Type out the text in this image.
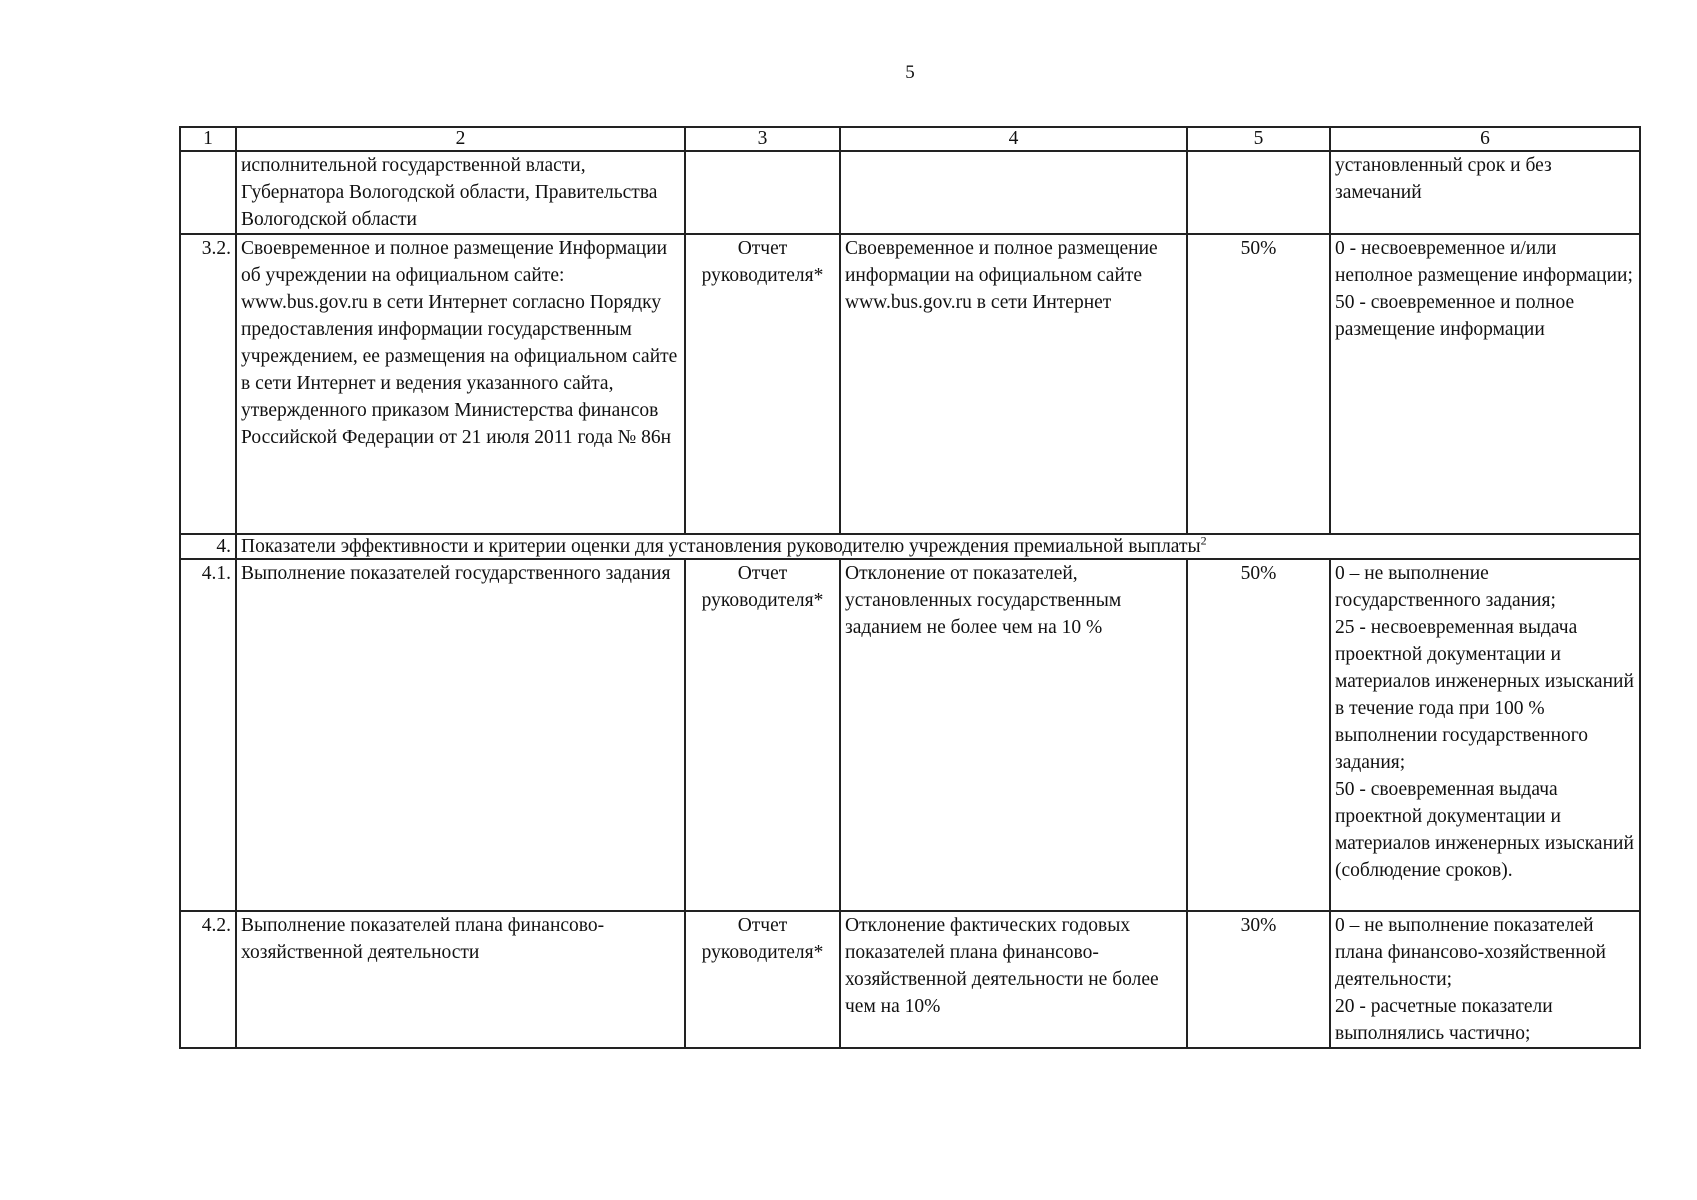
5
1	2	3	4	5	6
	исполнительной государственной власти, Губернатора Вологодской области, Правительства Вологодской области				установленный срок и без замечаний
3.2.	Своевременное и полное размещение Информации об учреждении на официальном сайте: www.bus.gov.ru в сети Интернет согласно Порядку предоставления информации государственным учреждением, ее размещения на официальном сайте в сети Интернет и ведения указанного сайта, утвержденного приказом Министерства финансов Российской Федерации от 21 июля 2011 года № 86н	Отчет руководителя*	Своевременное и полное размещение информации на официальном сайте www.bus.gov.ru в сети Интернет	50%	0 - несвоевременное и/или неполное размещение информации;
50 - своевременное и полное размещение информации
4.	Показатели эффективности и критерии оценки для установления руководителю учреждения премиальной выплаты$^2$
4.1.	Выполнение показателей государственного задания	Отчет руководителя*	Отклонение от показателей, установленных государственным заданием не более чем на 10 %	50%	0 – не выполнение государственного задания;
25 - несвоевременная выдача проектной документации и материалов инженерных изысканий в течение года при 100 % выполнении государственного задания;
50 - своевременная выдача проектной документации и материалов инженерных изысканий (соблюдение сроков).
4.2.	Выполнение показателей плана финансово-хозяйственной деятельности	Отчет руководителя*	Отклонение фактических годовых показателей плана финансово-хозяйственной деятельности не более чем на 10%	30%	0 – не выполнение показателей плана финансово-хозяйственной деятельности;
20 - расчетные показатели выполнялись частично;
